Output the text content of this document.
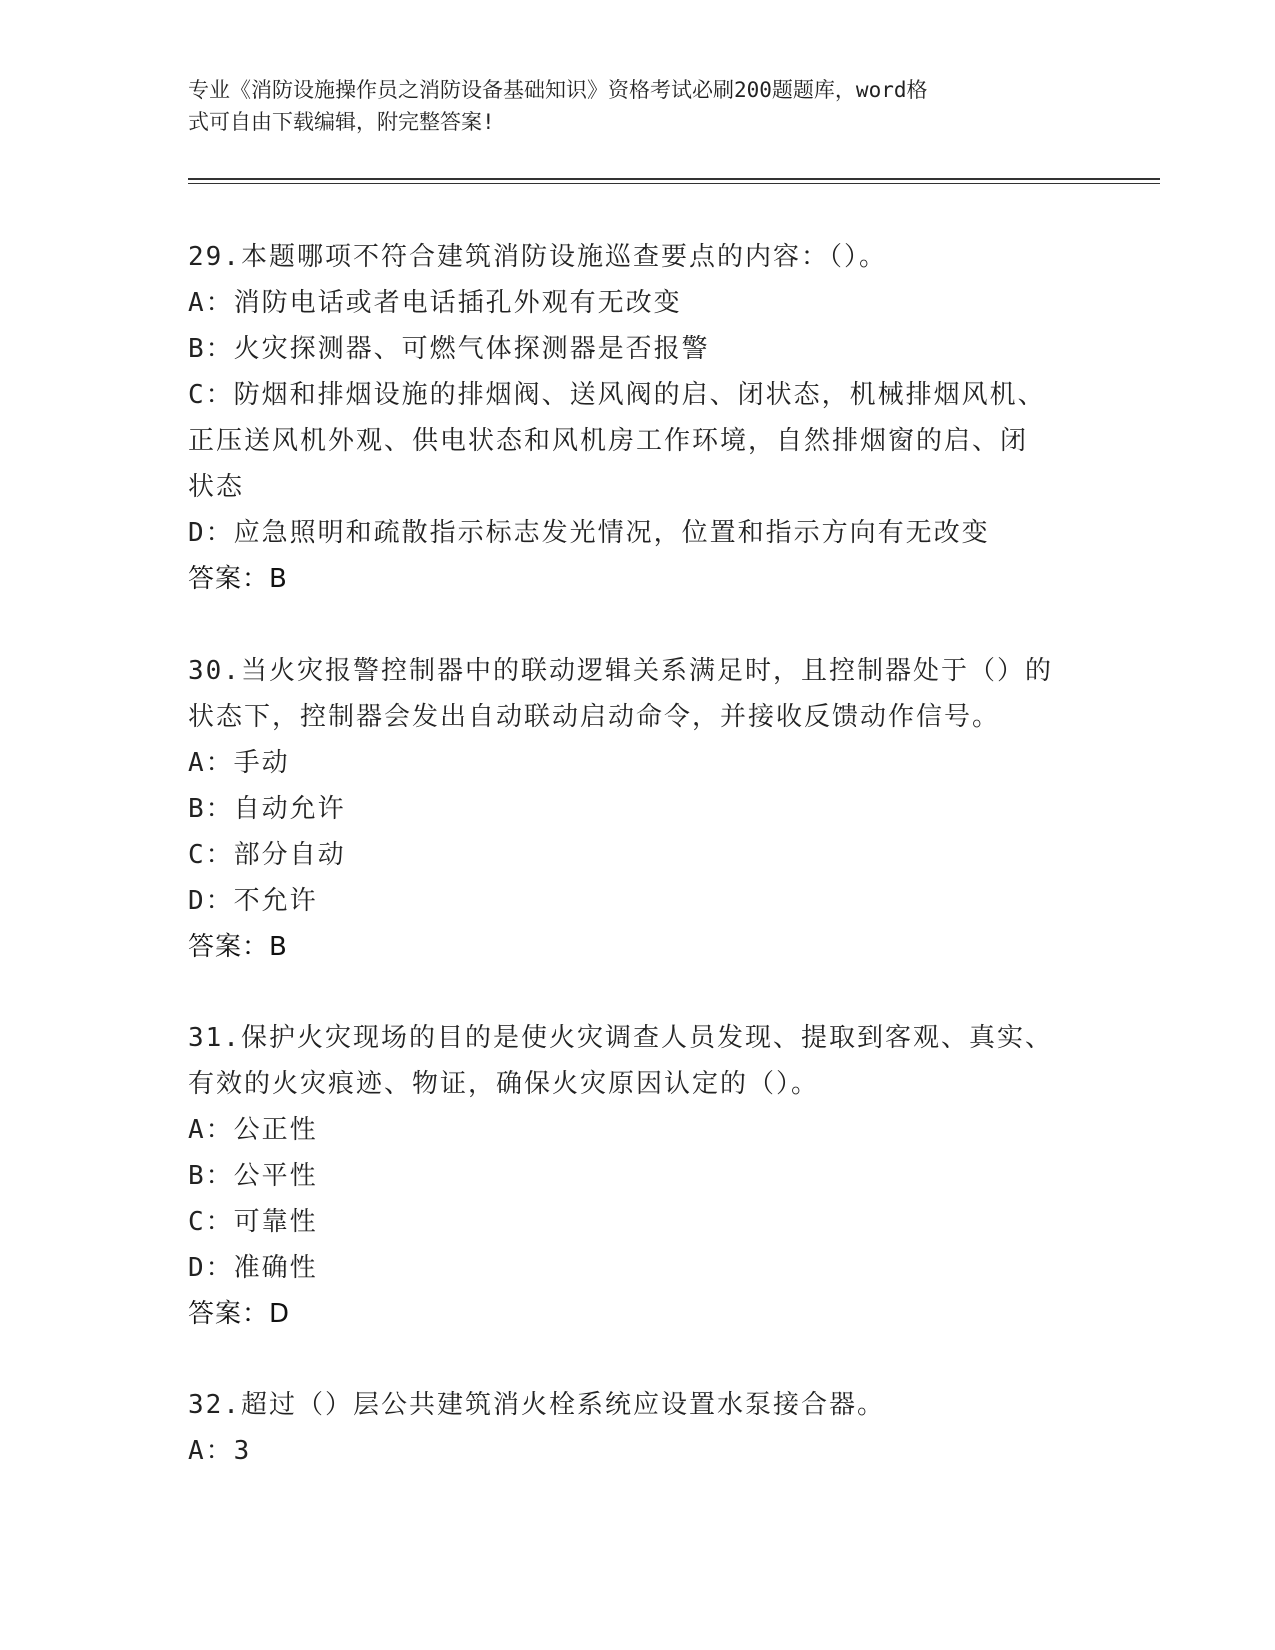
专业《消防设施操作员之消防设备基础知识》资格考试必刷200题题库，word格
式可自由下载编辑，附完整答案!
29.本题哪项不符合建筑消防设施巡查要点的内容：（）。
A：消防电话或者电话插孔外观有无改变
B：火灾探测器、可燃气体探测器是否报警
C：防烟和排烟设施的排烟阀、送风阀的启、闭状态，机械排烟风机、
正压送风机外观、供电状态和风机房工作环境，自然排烟窗的启、闭
状态
D：应急照明和疏散指示标志发光情况，位置和指示方向有无改变
答案：B
30.当火灾报警控制器中的联动逻辑关系满足时，且控制器处于（）的
状态下，控制器会发出自动联动启动命令，并接收反馈动作信号。
A：手动
B：自动允许
C：部分自动
D：不允许
答案：B
31.保护火灾现场的目的是使火灾调查人员发现、提取到客观、真实、
有效的火灾痕迹、物证，确保火灾原因认定的（）。
A：公正性
B：公平性
C：可靠性
D：准确性
答案：D
32.超过（）层公共建筑消火栓系统应设置水泵接合器。
A：3
